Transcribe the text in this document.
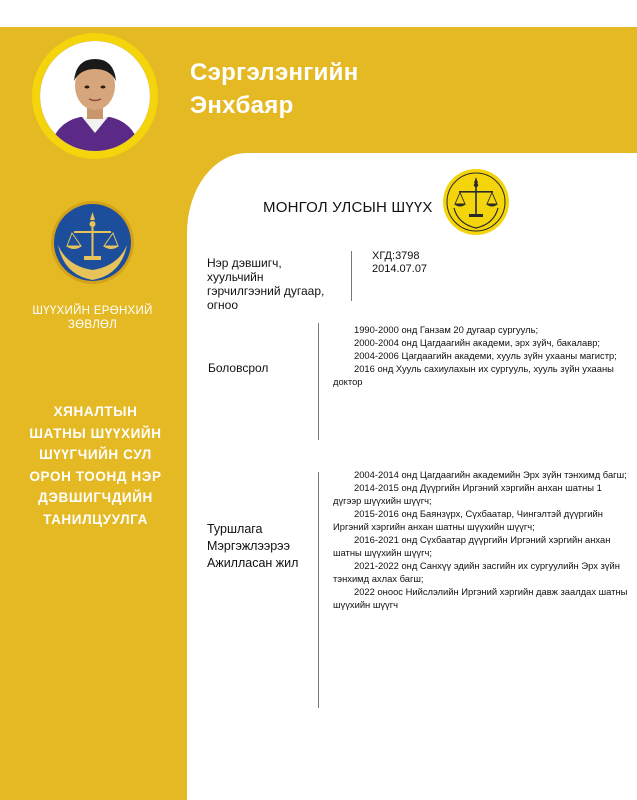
Сэргэлэнгийн
Энхбаяр
ШҮҮХИЙН ЕРӨНХИЙ
ЗӨВЛӨЛ
ХЯНАЛТЫН
ШАТНЫ ШҮҮХИЙН
ШҮҮГЧИЙН СУЛ
ОРОН ТООНД НЭР
ДЭВШИГЧДИЙН
ТАНИЛЦУУЛГА
МОНГОЛ УЛСЫН ШҮҮХ
Нэр дэвшигч,
хуульчийн
гэрчилгээний дугаар,
огноо
ХГД:3798
2014.07.07
Боловсрол

1990-2000 онд Ганзам 20 дугаар сургууль;

2000-2004 онд Цагдаагийн академи, эрх зүйч, бакалавр;

2004-2006 Цагдаагийн академи, хууль зүйн ухааны магистр;

2016 онд Хууль сахиулахын их сургууль, хууль зүйн ухааны доктор

Туршлага
Мэргэжлээрээ
Ажилласан жил

2004-2014 онд Цагдаагийн академийн Эрх зүйн тэнхимд багш;

2014-2015 онд Дүүргийн Иргэний хэргийн анхан шатны 1 дүгээр шүүхийн шүүгч;

2015-2016 онд Баянзүрх, Сүхбаатар, Чингэлтэй дүүргийн Иргэний хэргийн анхан шатны шүүхийн шүүгч;

2016-2021 онд Сүхбаатар дүүргийн Иргэний хэргийн анхан шатны шүүхийн шүүгч;

2021-2022 онд Санхүү эдийн засгийн их сургуулийн Эрх зүйн тэнхимд ахлах багш;

2022 оноос Нийслэлийн Иргэний хэргийн давж заалдах шатны шүүхийн шүүгч
